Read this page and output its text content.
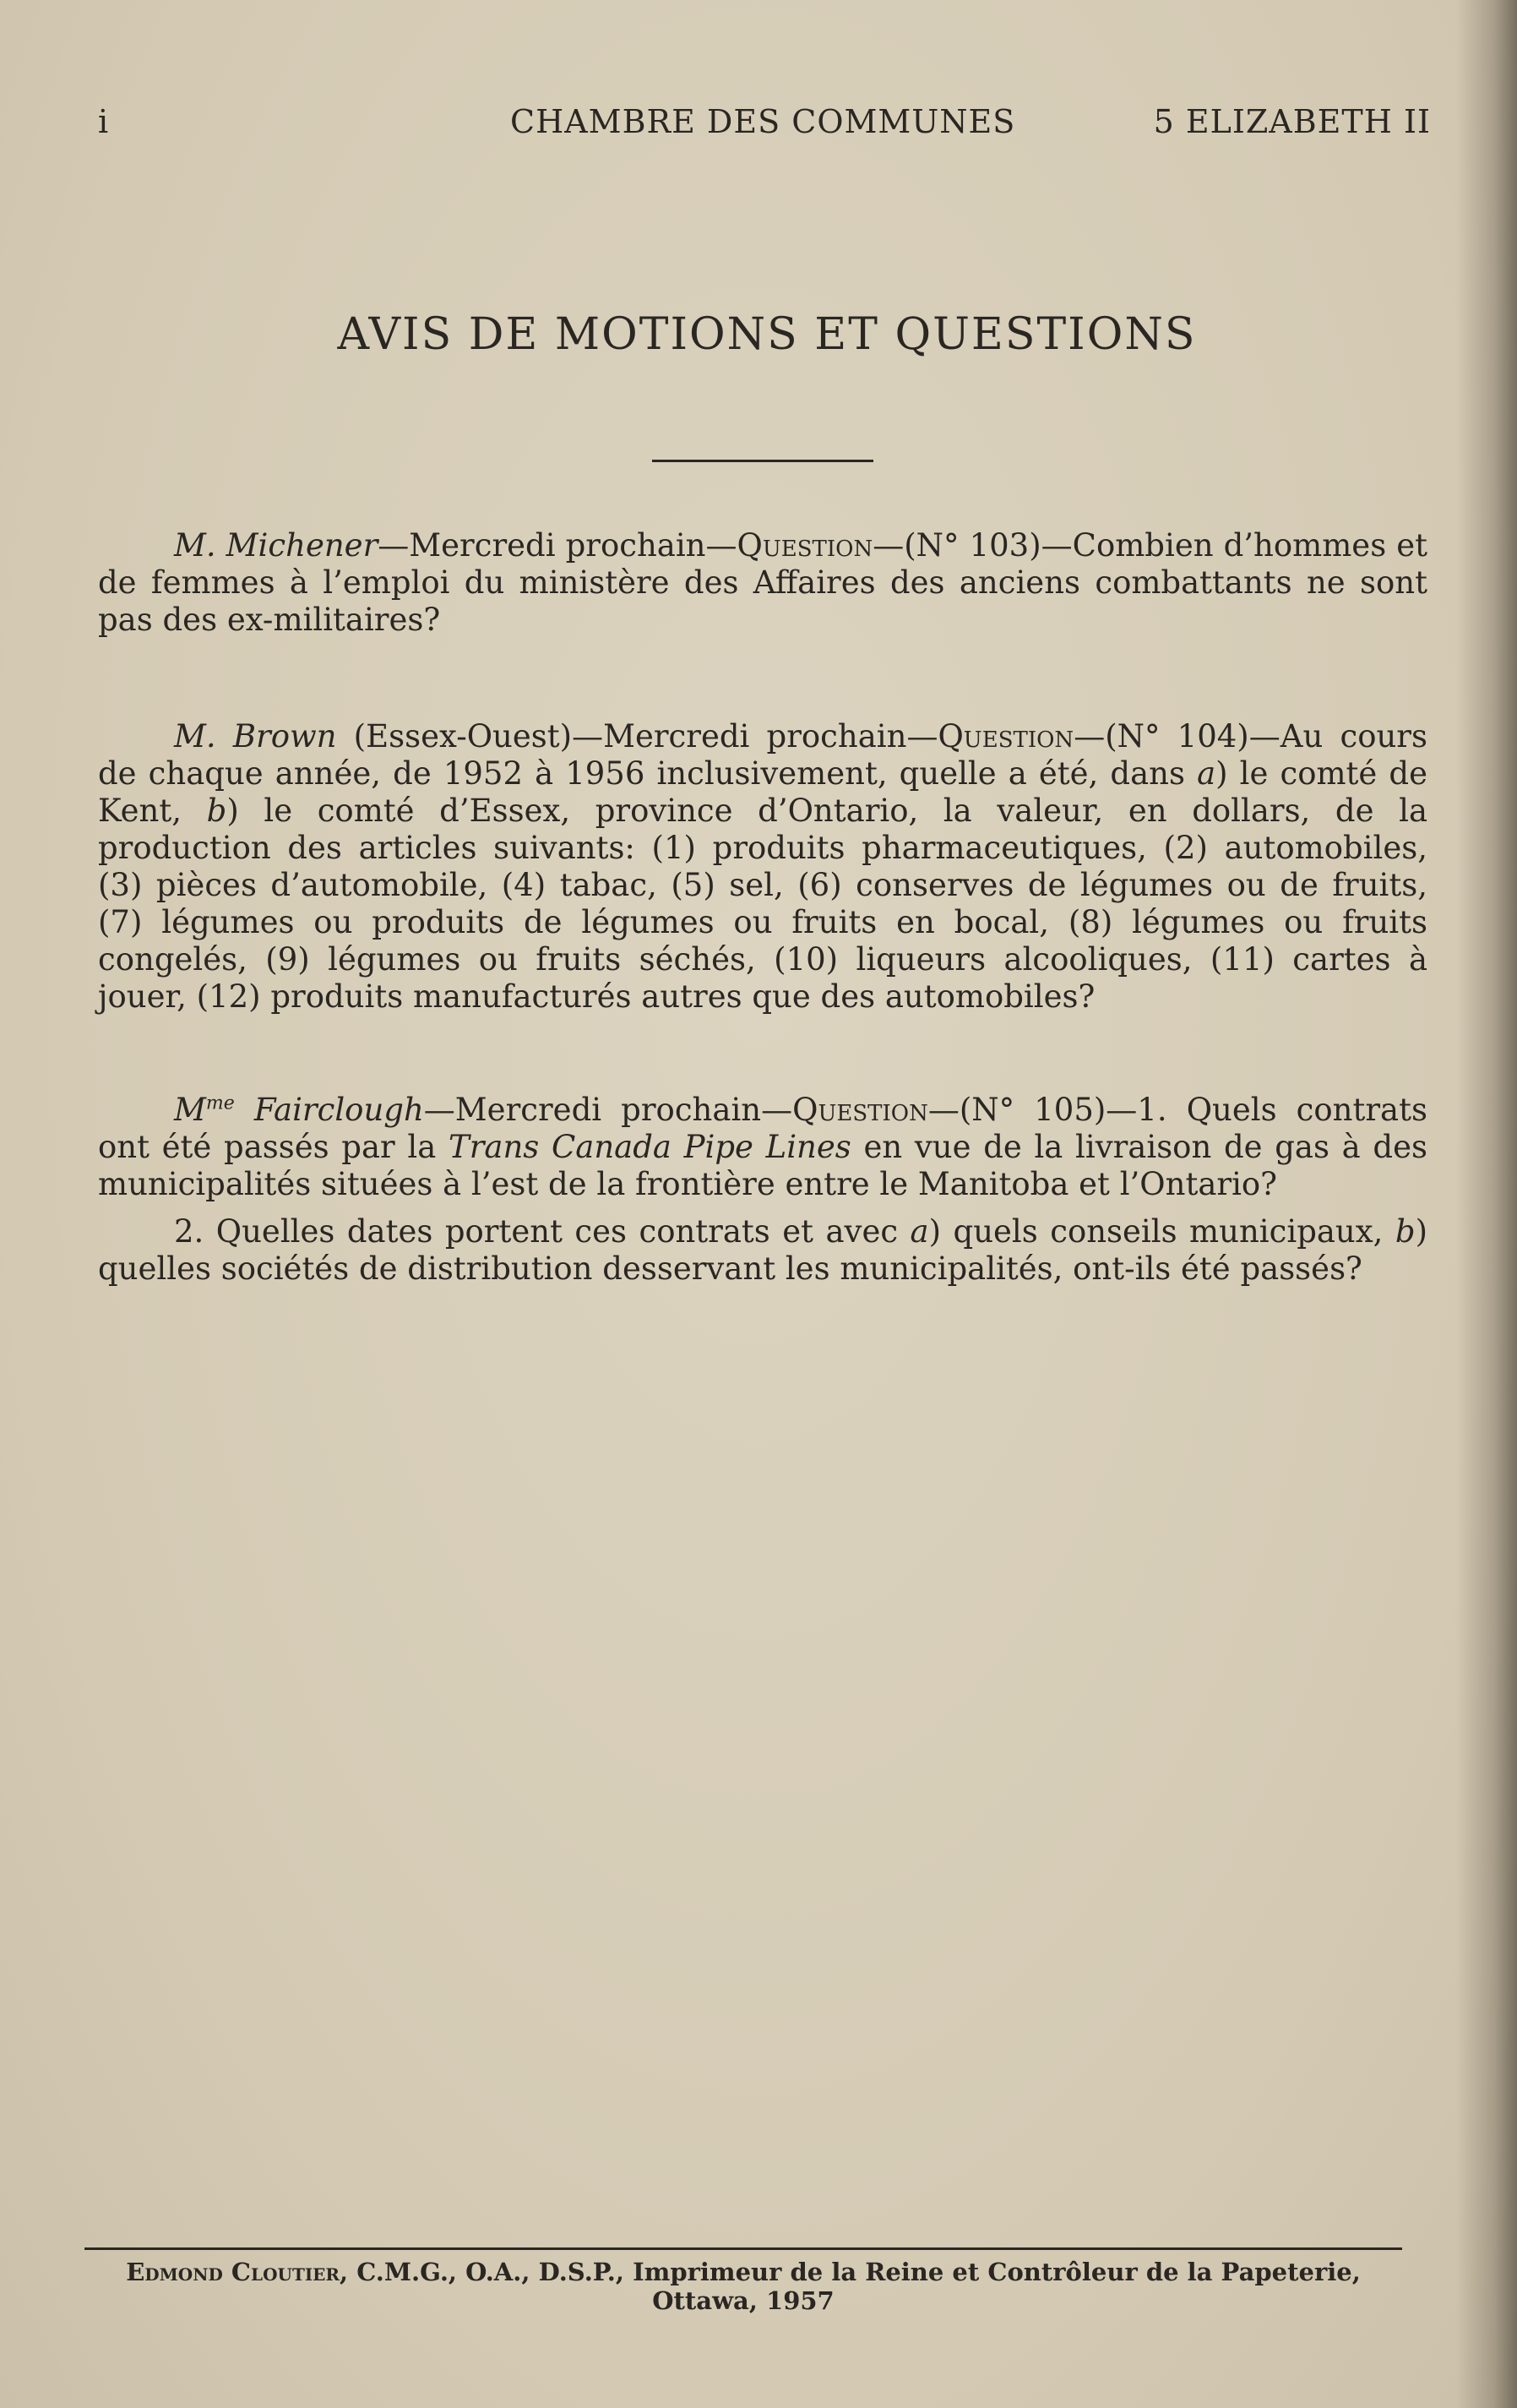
i	CHAMBRE DES COMMUNES	5 ELIZABETH II
AVIS DE MOTIONS ET QUESTIONS

M. Michener—Mercredi prochain—Question—(N° 103)—Combien d’hommes et de femmes à l’emploi du ministère des Affaires des anciens combattants ne sont pas des ex-militaires?

M. Brown (Essex-Ouest)—Mercredi prochain—Question—(N° 104)—Au cours de chaque année, de 1952 à 1956 inclusivement, quelle a été, dans a) le comté de Kent, b) le comté d’Essex, province d’Ontario, la valeur, en dollars, de la production des articles suivants: (1) produits pharmaceutiques, (2) automobiles, (3) pièces d’automobile, (4) tabac, (5) sel, (6) conserves de légumes ou de fruits, (7) légumes ou produits de légumes ou fruits en bocal, (8) légumes ou fruits congelés, (9) légumes ou fruits séchés, (10) liqueurs alcooliques, (11) cartes à jouer, (12) produits manufacturés autres que des automobiles?

$M^{me}$ Fairclough—Mercredi prochain—Question—(N° 105)—1. Quels contrats ont été passés par la Trans Canada Pipe Lines en vue de la livraison de gas à des municipalités situées à l’est de la frontière entre le Manitoba et l’Ontario?

2. Quelles dates portent ces contrats et avec a) quels conseils municipaux, b) quelles sociétés de distribution desservant les municipalités, ont-ils été passés?

Edmond Cloutier, C.M.G., O.A., D.S.P., Imprimeur de la Reine et Contrôleur de la Papeterie,
Ottawa, 1957
